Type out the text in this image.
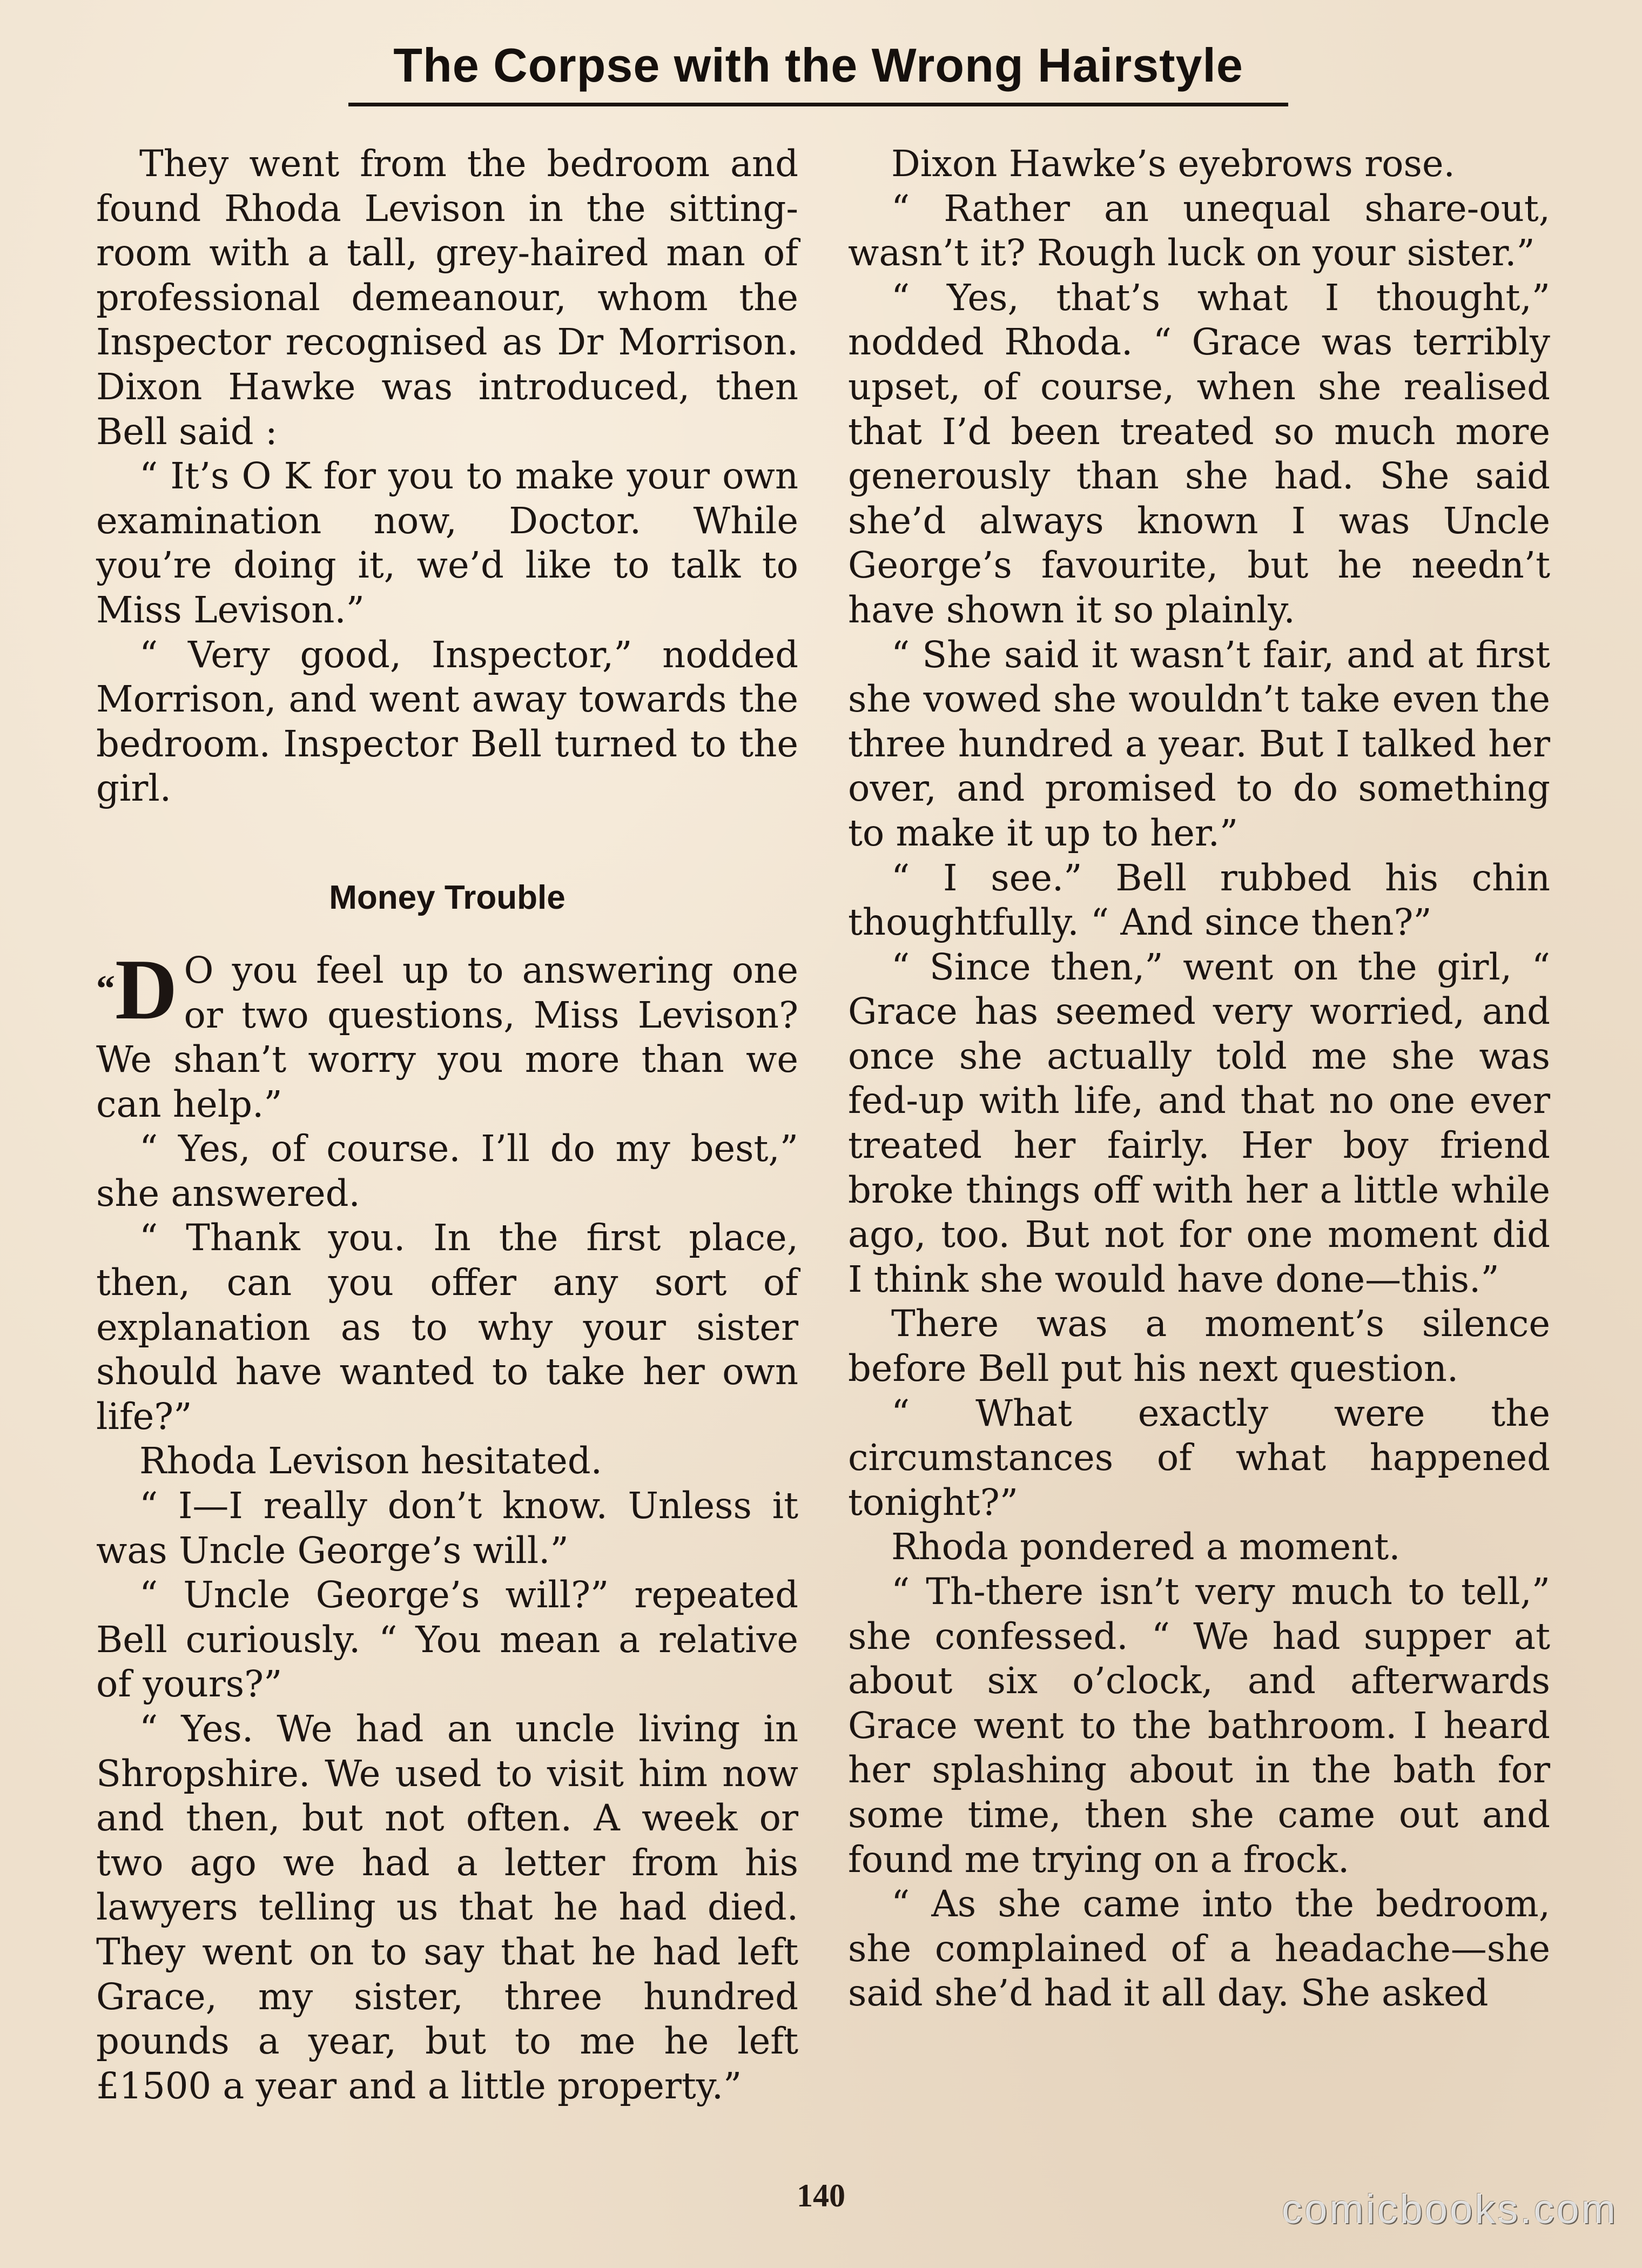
The Corpse with the Wrong Hairstyle

They went from the bedroom and found Rhoda Levison in the sitting-room with a tall, grey-haired man of professional demeanour, whom the Inspector recognised as Dr Morrison. Dixon Hawke was introduced, then Bell said :

“ It’s O K for you to make your own examination now, Doctor. While you’re doing it, we’d like to talk to Miss Levison.”

“ Very good, Inspector,” nodded Morrison, and went away towards the bedroom. Inspector Bell turned to the girl.

Money Trouble

“D O you feel up to answering one or two questions, Miss Levison? We shan’t worry you more than we can help.”

“ Yes, of course. I’ll do my best,” she answered.

“ Thank you. In the first place, then, can you offer any sort of explanation as to why your sister should have wanted to take her own life?”

Rhoda Levison hesitated.

“ I—I really don’t know. Unless it was Uncle George’s will.”

“ Uncle George’s will?” repeated Bell curiously. “ You mean a relative of yours?”

“ Yes. We had an uncle living in Shropshire. We used to visit him now and then, but not often. A week or two ago we had a letter from his lawyers telling us that he had died. They went on to say that he had left Grace, my sister, three hundred pounds a year, but to me he left £1500 a year and a little property.”

Dixon Hawke’s eyebrows rose.

“ Rather an unequal share-out, wasn’t it? Rough luck on your sister.”

“ Yes, that’s what I thought,” nodded Rhoda. “ Grace was terribly upset, of course, when she realised that I’d been treated so much more generously than she had. She said she’d always known I was Uncle George’s favourite, but he needn’t have shown it so plainly.

“ She said it wasn’t fair, and at first she vowed she wouldn’t take even the three hundred a year. But I talked her over, and promised to do something to make it up to her.”

“ I see.” Bell rubbed his chin thoughtfully. “ And since then?”

“ Since then,” went on the girl, “ Grace has seemed very worried, and once she actually told me she was fed-up with life, and that no one ever treated her fairly. Her boy friend broke things off with her a little while ago, too. But not for one moment did I think she would have done—this.”

There was a moment’s silence before Bell put his next question.

“ What exactly were the circumstances of what happened tonight?”

Rhoda pondered a moment.

“ Th-there isn’t very much to tell,” she confessed. “ We had supper at about six o’clock, and afterwards Grace went to the bathroom. I heard her splashing about in the bath for some time, then she came out and found me trying on a frock.

“ As she came into the bedroom, she complained of a headache—she said she’d had it all day. She asked

140	comicbooks.com
